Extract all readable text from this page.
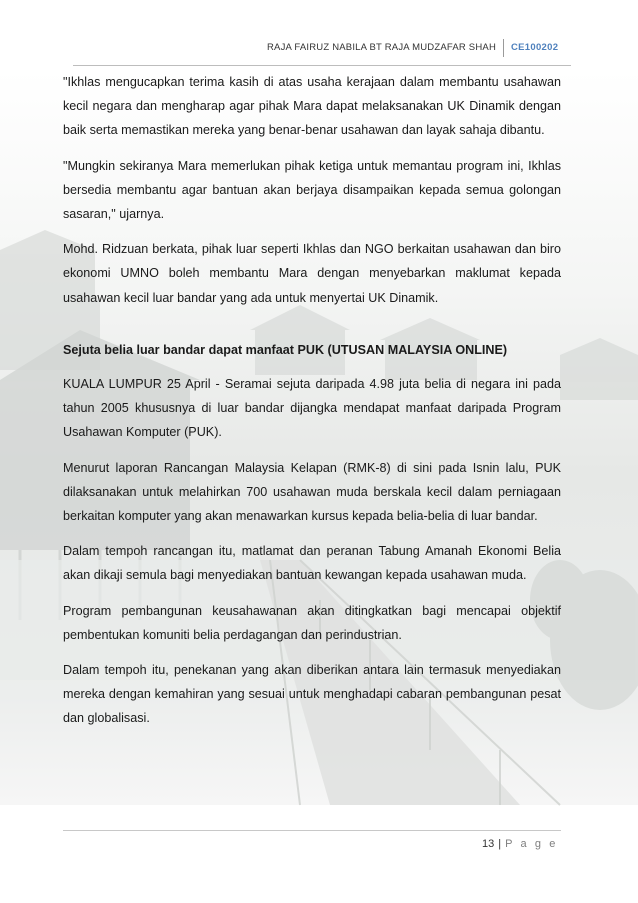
RAJA FAIRUZ NABILA BT RAJA MUDZAFAR SHAH CE100202

"Ikhlas mengucapkan terima kasih di atas usaha kerajaan dalam membantu usahawan kecil negara dan mengharap agar pihak Mara dapat melaksanakan UK Dinamik dengan baik serta memastikan mereka yang benar-benar usahawan dan layak sahaja dibantu.

"Mungkin sekiranya Mara memerlukan pihak ketiga untuk memantau program ini, Ikhlas bersedia membantu agar bantuan akan berjaya disampaikan kepada semua golongan sasaran," ujarnya.

Mohd. Ridzuan berkata, pihak luar seperti Ikhlas dan NGO berkaitan usahawan dan biro ekonomi UMNO boleh membantu Mara dengan menyebarkan maklumat kepada usahawan kecil luar bandar yang ada untuk menyertai UK Dinamik.

Sejuta belia luar bandar dapat manfaat PUK (UTUSAN MALAYSIA ONLINE)

KUALA LUMPUR 25 April - Seramai sejuta daripada 4.98 juta belia di negara ini pada tahun 2005 khususnya di luar bandar dijangka mendapat manfaat daripada Program Usahawan Komputer (PUK).

Menurut laporan Rancangan Malaysia Kelapan (RMK-8) di sini pada Isnin lalu, PUK dilaksanakan untuk melahirkan 700 usahawan muda berskala kecil dalam perniagaan berkaitan komputer yang akan menawarkan kursus kepada belia-belia di luar bandar.

Dalam tempoh rancangan itu, matlamat dan peranan Tabung Amanah Ekonomi Belia akan dikaji semula bagi menyediakan bantuan kewangan kepada usahawan muda.

Program pembangunan keusahawanan akan ditingkatkan bagi mencapai objektif pembentukan komuniti belia perdagangan dan perindustrian.

Dalam tempoh itu, penekanan yang akan diberikan antara lain termasuk menyediakan mereka dengan kemahiran yang sesuai untuk menghadapi cabaran pembangunan pesat dan globalisasi.

13 | P a g e
